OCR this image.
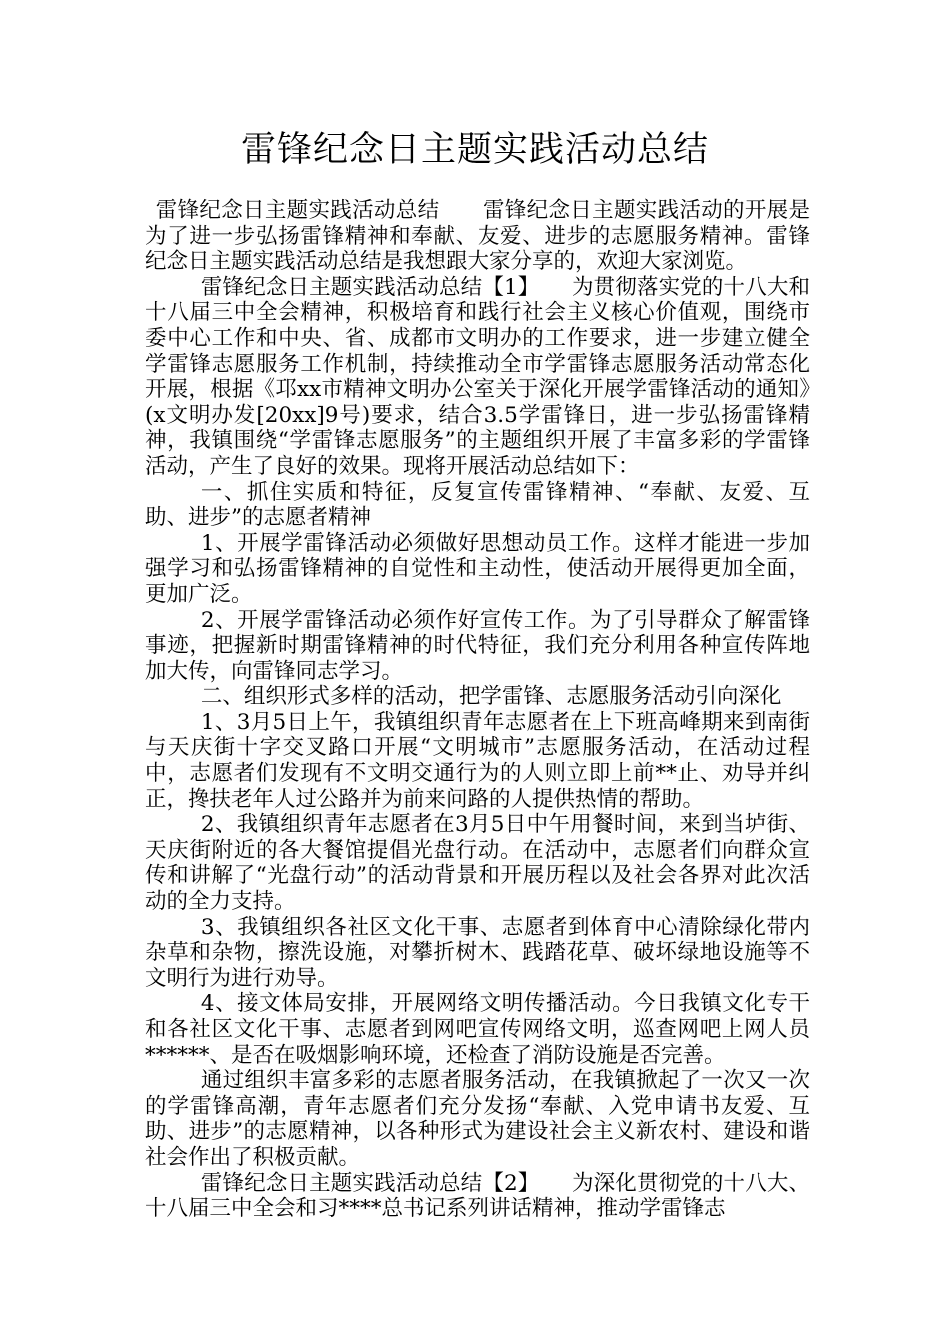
雷锋纪念日主题实践活动总结

雷锋纪念日主题实践活动总结　　雷锋纪念日主题实践活动的开展是为了进一步弘扬雷锋精神和奉献、友爱、进步的志愿服务精神。雷锋纪念日主题实践活动总结是我想跟大家分享的，欢迎大家浏览。

雷锋纪念日主题实践活动总结【1】　　为贯彻落实党的十八大和十八届三中全会精神，积极培育和践行社会主义核心价值观，围绕市委中心工作和中央、省、成都市文明办的工作要求，进一步建立健全学雷锋志愿服务工作机制，持续推动全市学雷锋志愿服务活动常态化开展，根据《邛xx市精神文明办公室关于深化开展学雷锋活动的通知》(x文明办发[20xx]9号)要求，结合3.5学雷锋日，进一步弘扬雷锋精神，我镇围绕“学雷锋志愿服务”的主题组织开展了丰富多彩的学雷锋活动，产生了良好的效果。现将开展活动总结如下：

一、抓住实质和特征，反复宣传雷锋精神、“奉献、友爱、互助、进步”的志愿者精神

1、开展学雷锋活动必须做好思想动员工作。这样才能进一步加强学习和弘扬雷锋精神的自觉性和主动性，使活动开展得更加全面，更加广泛。

2、开展学雷锋活动必须作好宣传工作。为了引导群众了解雷锋事迹，把握新时期雷锋精神的时代特征，我们充分利用各种宣传阵地加大传，向雷锋同志学习。

二、组织形式多样的活动，把学雷锋、志愿服务活动引向深化

1、3月5日上午，我镇组织青年志愿者在上下班高峰期来到南街与天庆街十字交叉路口开展“文明城市”志愿服务活动，在活动过程中，志愿者们发现有不文明交通行为的人则立即上前**止、劝导并纠正，搀扶老年人过公路并为前来问路的人提供热情的帮助。

2、我镇组织青年志愿者在3月5日中午用餐时间，来到当垆街、天庆街附近的各大餐馆提倡光盘行动。在活动中，志愿者们向群众宣传和讲解了“光盘行动”的活动背景和开展历程以及社会各界对此次活动的全力支持。

3、我镇组织各社区文化干事、志愿者到体育中心清除绿化带内杂草和杂物，擦洗设施，对攀折树木、践踏花草、破坏绿地设施等不文明行为进行劝导。

4、接文体局安排，开展网络文明传播活动。今日我镇文化专干和各社区文化干事、志愿者到网吧宣传网络文明，巡查网吧上网人员******、是否在吸烟影响环境，还检查了消防设施是否完善。

通过组织丰富多彩的志愿者服务活动，在我镇掀起了一次又一次的学雷锋高潮，青年志愿者们充分发扬“奉献、入党申请书友爱、互助、进步”的志愿精神，以各种形式为建设社会主义新农村、建设和谐社会作出了积极贡献。

雷锋纪念日主题实践活动总结【2】　　为深化贯彻党的十八大、十八届三中全会和习****总书记系列讲话精神，推动学雷锋志
